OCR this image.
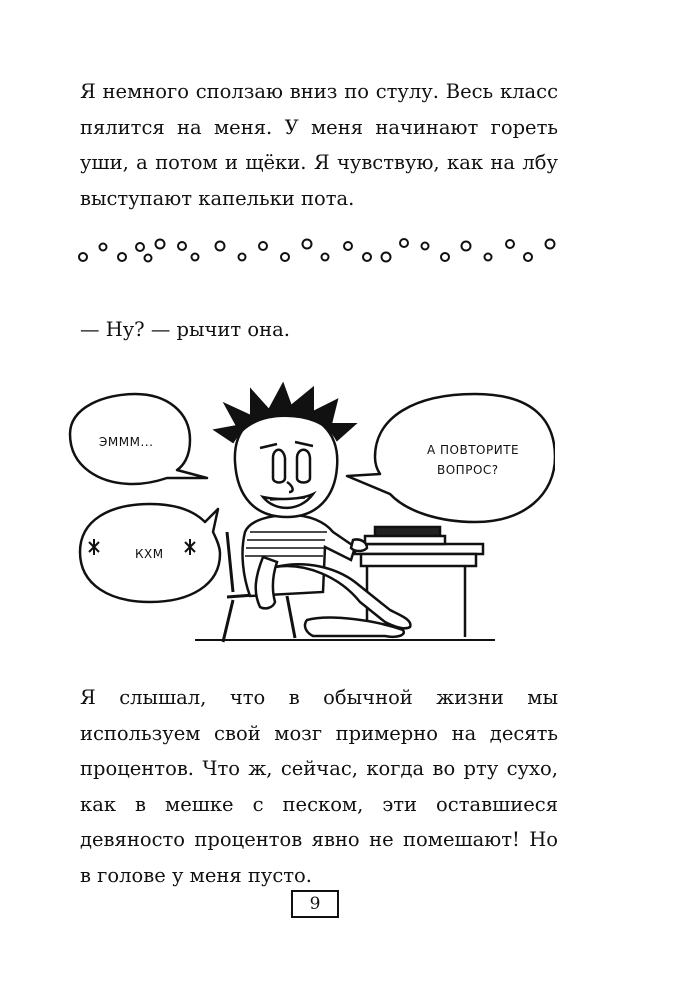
Я немного сползаю вниз по стулу. Весь класс пялится на меня. У меня начинают гореть уши, а потом и щёки. Я чувствую, как на лбу выступают капельки пота.

— Ну? — рычит она.

ЭМММ...
КХМ
А ПОВТОРИТЕ
ВОПРОС?

Я слышал, что в обычной жизни мы используем свой мозг примерно на десять процентов. Что ж, сейчас, когда во рту сухо, как в мешке с песком, эти оставшиеся девяносто процентов явно не помешают! Но в голове у меня пусто.

9
